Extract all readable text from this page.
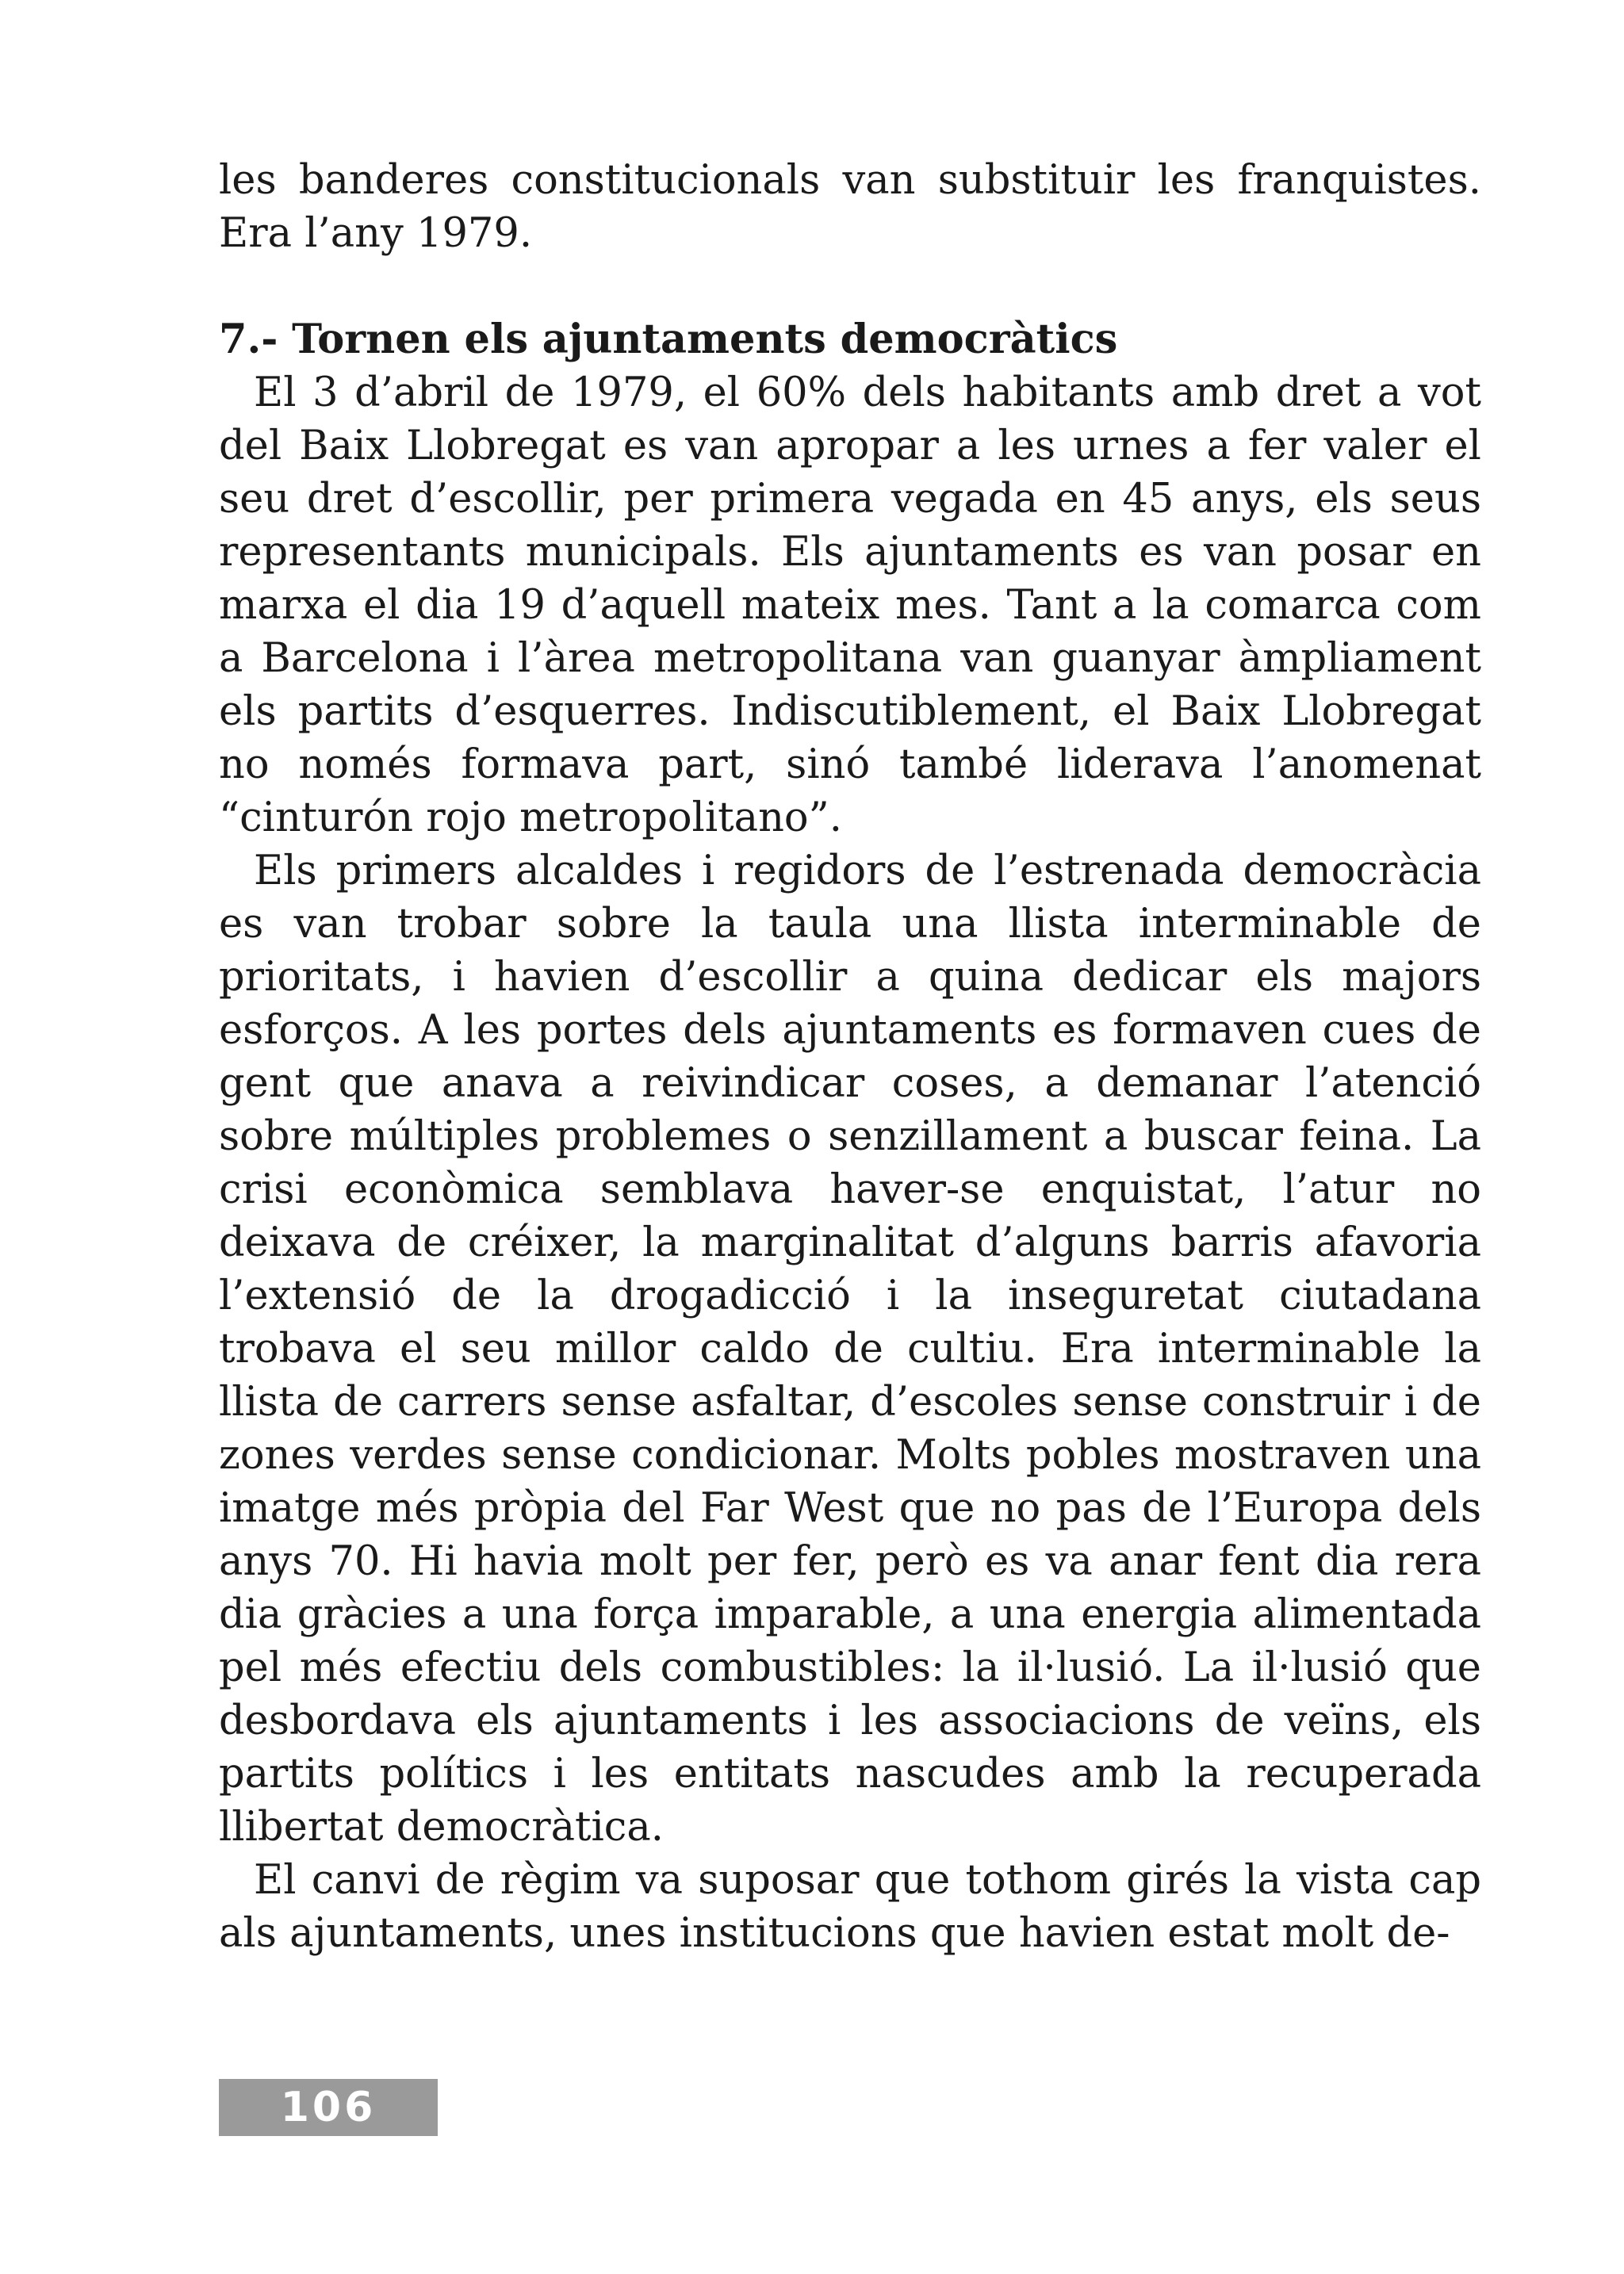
les banderes constitucionals van substituir les franquistes. Era l’any 1979.

7.- Tornen els ajuntaments democràtics

El 3 d’abril de 1979, el 60% dels habitants amb dret a vot del Baix Llobregat es van apropar a les urnes a fer valer el seu dret d’escollir, per primera vegada en 45 anys, els seus representants municipals. Els ajuntaments es van posar en marxa el dia 19 d’aquell mateix mes. Tant a la comarca com a Barcelona i l’àrea metropolitana van guanyar àmpliament els partits d’esquerres. Indiscutiblement, el Baix Llobregat no només formava part, sinó també liderava l’anomenat “cinturón rojo metropolitano”.

Els primers alcaldes i regidors de l’estrenada democràcia es van trobar sobre la taula una llista interminable de prioritats, i havien d’escollir a quina dedicar els majors esforços. A les portes dels ajuntaments es formaven cues de gent que anava a reivindicar coses, a demanar l’atenció sobre múltiples problemes o senzillament a buscar feina. La crisi econòmica semblava haver-se enquistat, l’atur no deixava de créixer, la marginalitat d’alguns barris afavoria l’extensió de la drogadicció i la inseguretat ciutadana trobava el seu millor caldo de cultiu. Era interminable la llista de carrers sense asfaltar, d’escoles sense construir i de zones verdes sense condicionar. Molts pobles mostraven una imatge més pròpia del Far West que no pas de l’Europa dels anys 70. Hi havia molt per fer, però es va anar fent dia rera dia gràcies a una força imparable, a una energia alimentada pel més efectiu dels combustibles: la il·lusió. La il·lusió que desbordava els ajuntaments i les associacions de veïns, els partits polítics i les entitats nascudes amb la recuperada llibertat democràtica.

El canvi de règim va suposar que tothom girés la vista cap als ajuntaments, unes institucions que havien estat molt de-

106
